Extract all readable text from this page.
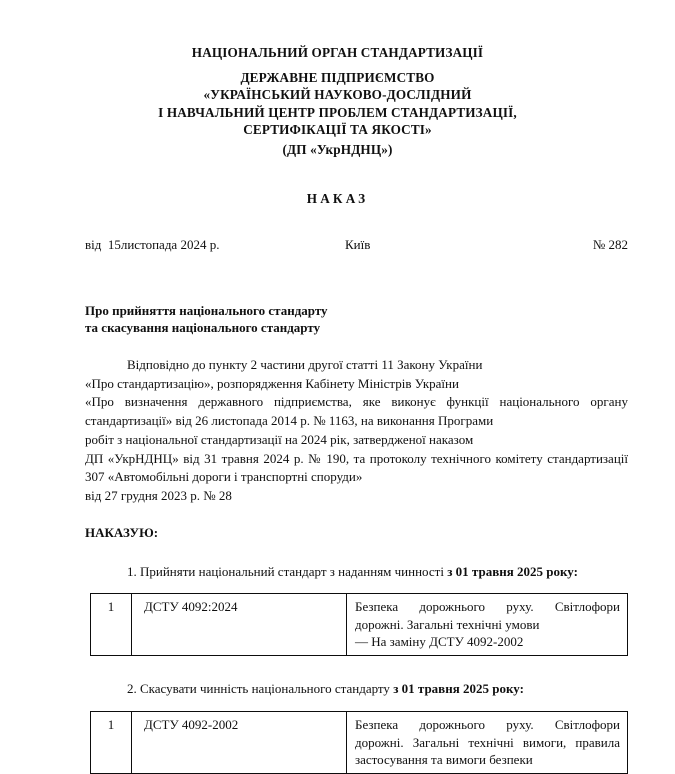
НАЦІОНАЛЬНИЙ ОРГАН СТАНДАРТИЗАЦІЇ
ДЕРЖАВНЕ ПІДПРИЄМСТВО
«УКРАЇНСЬКИЙ НАУКОВО-ДОСЛІДНИЙ
І НАВЧАЛЬНИЙ ЦЕНТР ПРОБЛЕМ СТАНДАРТИЗАЦІЇ,
СЕРТИФІКАЦІЇ ТА ЯКОСТІ»
(ДП «УкрНДНЦ»)
НАКАЗ
від  15листопада 2024 р.	Київ	№ 282
Про прийняття національного стандарту
та скасування національного стандарту

Відповідно до пункту 2 частини другої статті 11 Закону України

«Про стандартизацію», розпорядження Кабінету Міністрів України

«Про визначення державного підприємства, яке виконує функції національного органу стандартизації» від 26 листопада 2014 р. № 1163, на виконання Програми

робіт з національної стандартизації на 2024 рік, затвердженої наказом

ДП «УкрНДНЦ» від 31 травня 2024 р. № 190, та протоколу технічного комітету стандартизації 307 «Автомобільні дороги і транспортні споруди»

від 27 грудня 2023 р. № 28

НАКАЗУЮ:
1. Прийняти національний стандарт з наданням чинності з 01 травня 2025 року:
1	ДСТУ 4092:2024	Безпека дорожнього руху. Світлофори
дорожні. Загальні технічні умови
— На заміну ДСТУ 4092-2002
2. Скасувати чинність національного стандарту з 01 травня 2025 року:
1	ДСТУ 4092-2002	Безпека дорожнього руху. Світлофори
дорожні. Загальні технічні вимоги, правила
застосування та вимоги безпеки
